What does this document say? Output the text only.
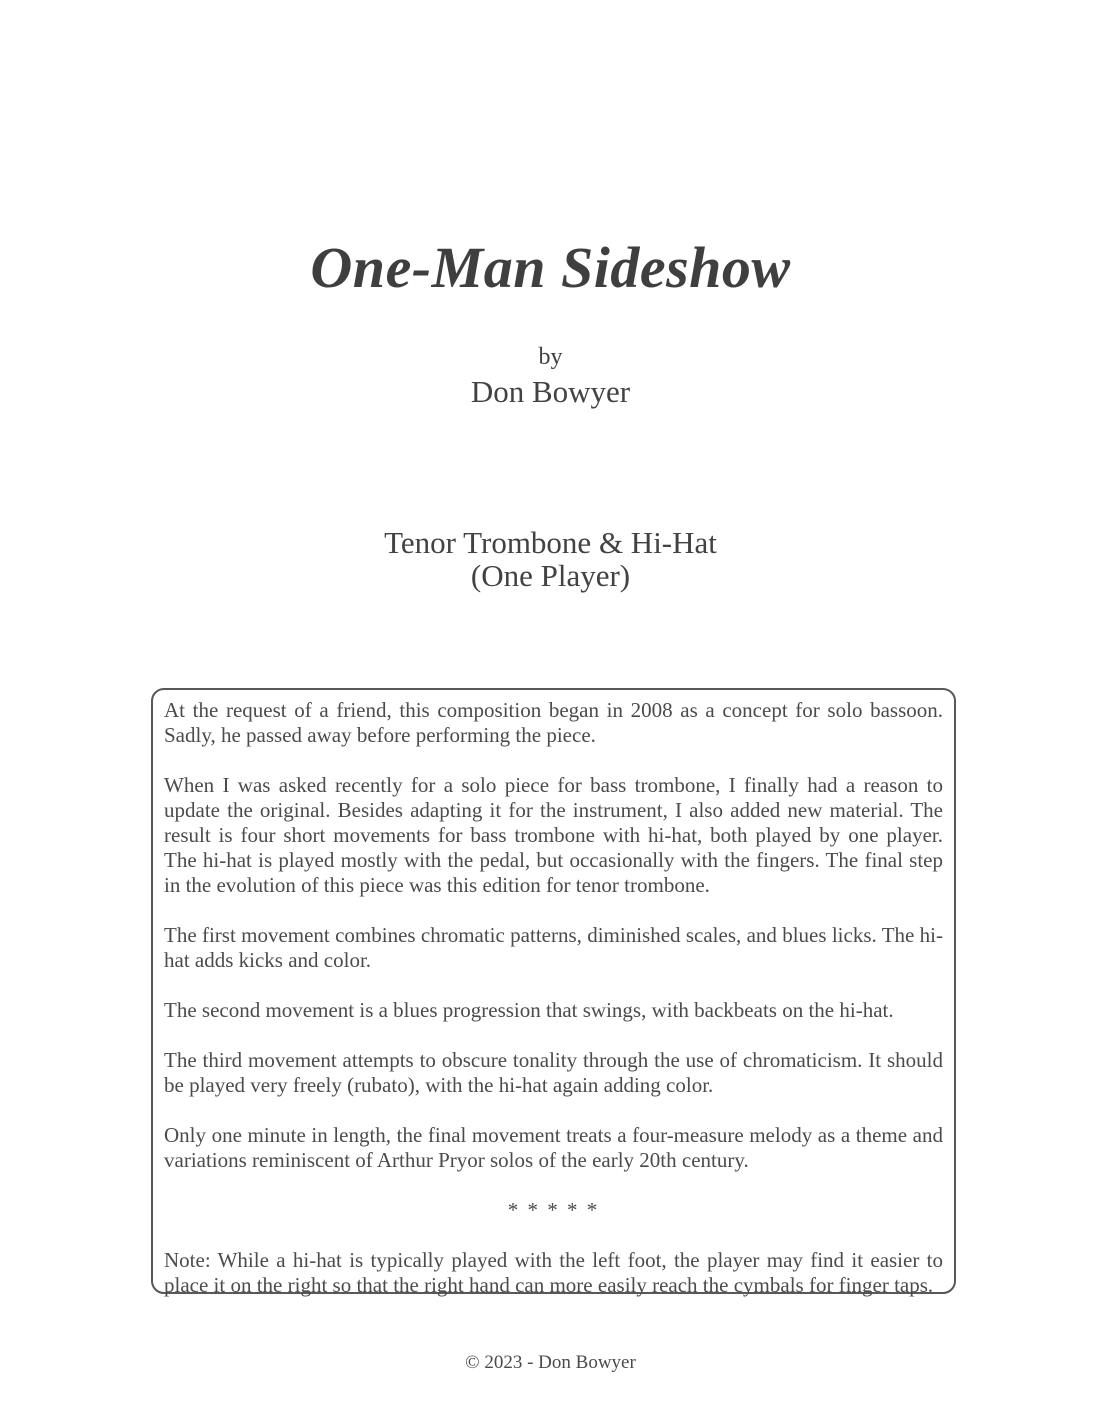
One-Man Sideshow
by
Don Bowyer
Tenor Trombone & Hi-Hat
(One Player)

At the request of a friend, this composition began in 2008 as a concept for solo bassoon. Sadly, he passed away before performing the piece.

When I was asked recently for a solo piece for bass trombone, I finally had a reason to update the original. Besides adapting it for the instrument, I also added new material. The result is four short movements for bass trombone with hi-hat, both played by one player. The hi-hat is played mostly with the pedal, but occasionally with the fingers. The final step in the evolution of this piece was this edition for tenor trombone.

The first movement combines chromatic patterns, diminished scales, and blues licks. The hi-hat adds kicks and color.

The second movement is a blues progression that swings, with backbeats on the hi-hat.

The third movement attempts to obscure tonality through the use of chromaticism. It should be played very freely (rubato), with the hi-hat again adding color.

Only one minute in length, the final movement treats a four-measure melody as a theme and variations reminiscent of Arthur Pryor solos of the early 20th century.

* * * * *

Note: While a hi-hat is typically played with the left foot, the player may find it easier to place it on the right so that the right hand can more easily reach the cymbals for finger taps.

© 2023 - Don Bowyer
